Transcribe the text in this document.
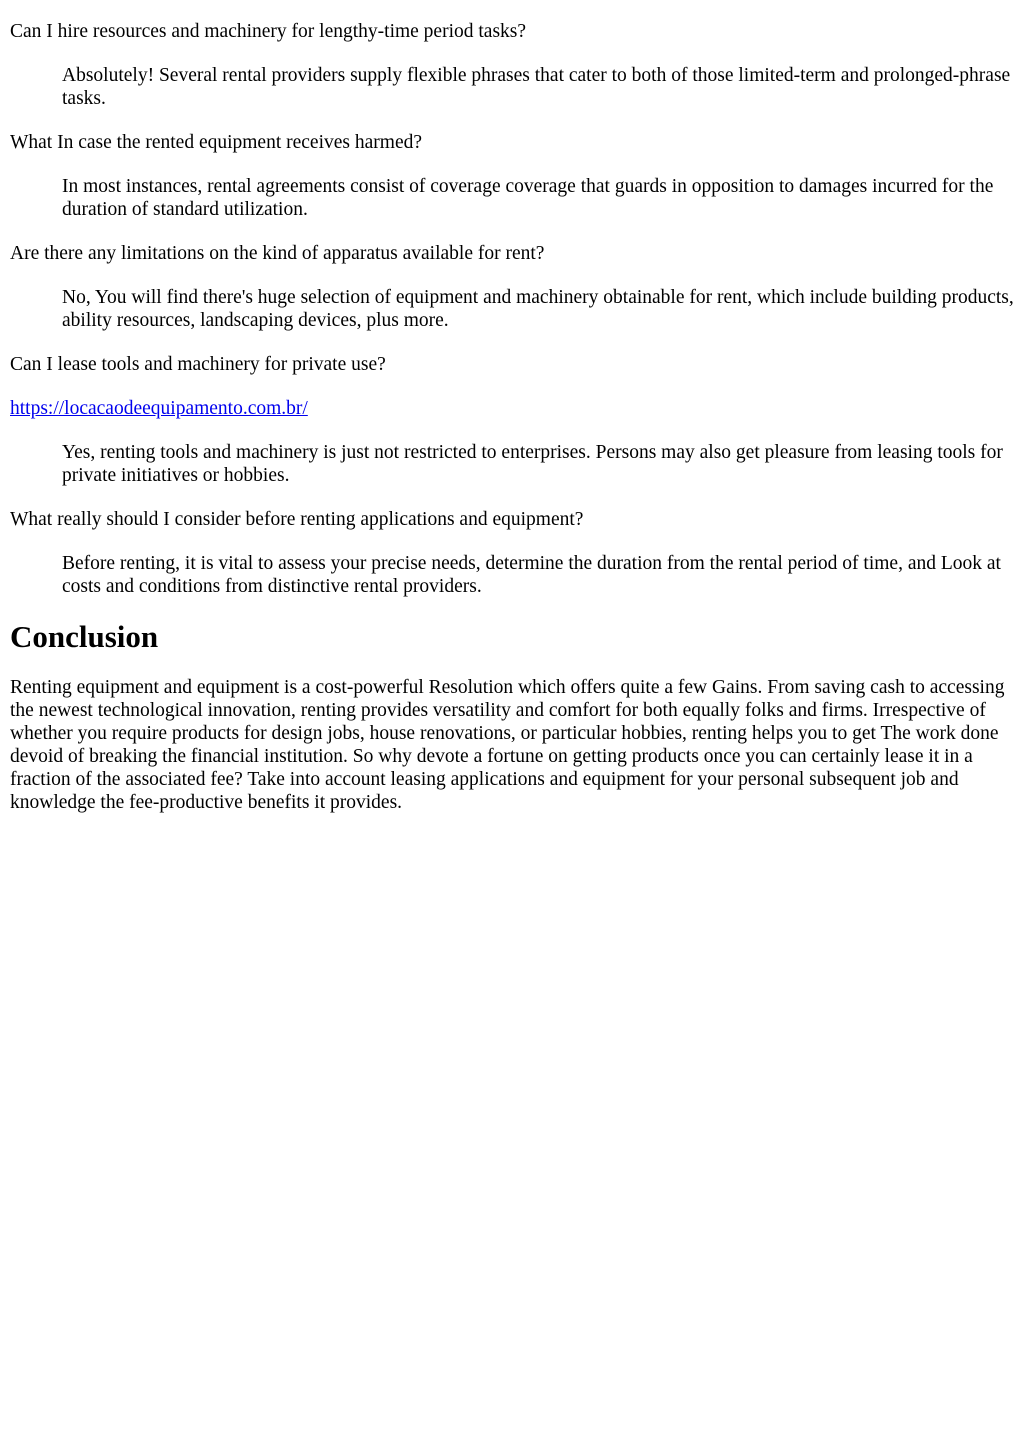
Can I hire resources and machinery for lengthy-time period tasks?

Absolutely! Several rental providers supply flexible phrases that cater to both of those limited-term and prolonged-phrase tasks.

What In case the rented equipment receives harmed?

In most instances, rental agreements consist of coverage coverage that guards in opposition to damages incurred for the duration of standard utilization.

Are there any limitations on the kind of apparatus available for rent?

No, You will find there's huge selection of equipment and machinery obtainable for rent, which include building products, ability resources, landscaping devices, plus more.

Can I lease tools and machinery for private use?

https://locacaodeequipamento.com.br/

Yes, renting tools and machinery is just not restricted to enterprises. Persons may also get pleasure from leasing tools for private initiatives or hobbies.

What really should I consider before renting applications and equipment?

Before renting, it is vital to assess your precise needs, determine the duration from the rental period of time, and Look at costs and conditions from distinctive rental providers.

Conclusion

Renting equipment and equipment is a cost-powerful Resolution which offers quite a few Gains. From saving cash to accessing the newest technological innovation, renting provides versatility and comfort for both equally folks and firms. Irrespective of whether you require products for design jobs, house renovations, or particular hobbies, renting helps you to get The work done devoid of breaking the financial institution. So why devote a fortune on getting products once you can certainly lease it in a fraction of the associated fee? Take into account leasing applications and equipment for your personal subsequent job and knowledge the fee-productive benefits it provides.
